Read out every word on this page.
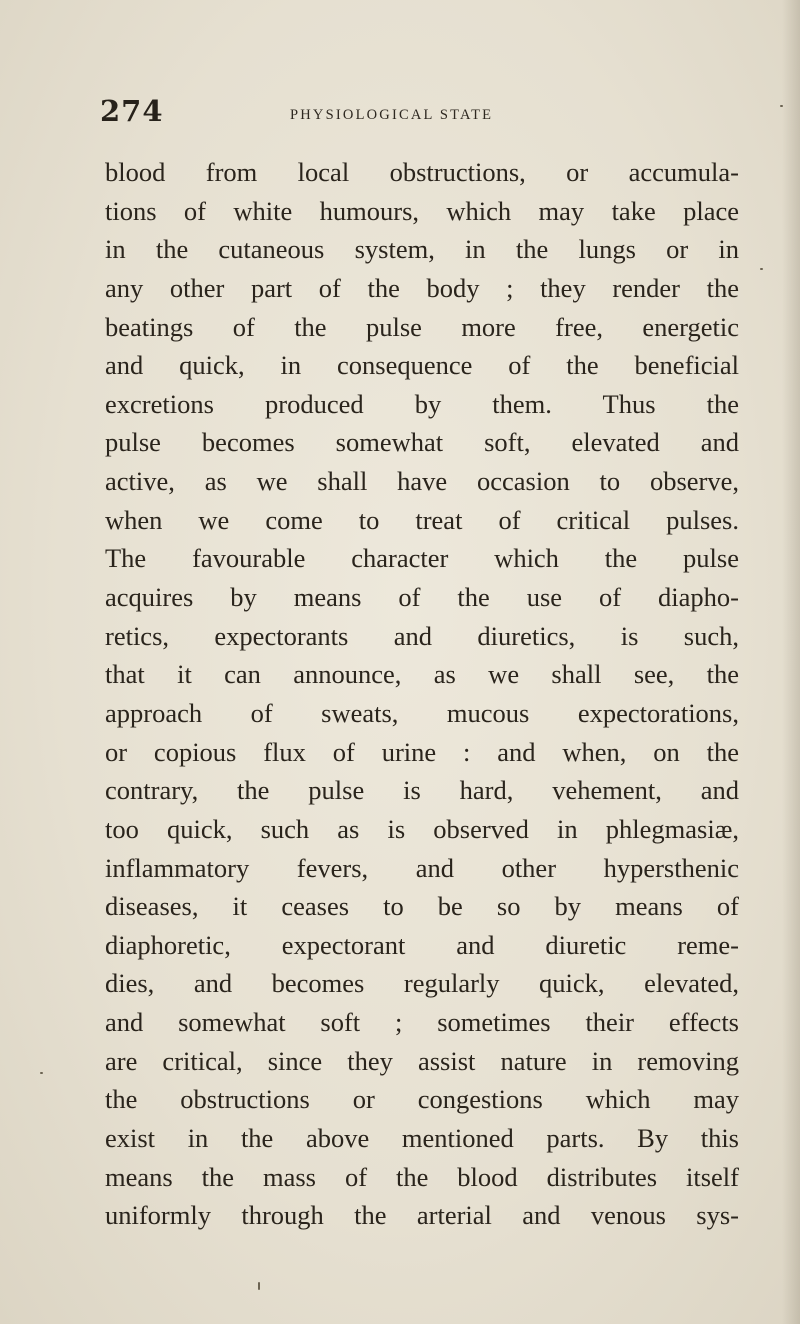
274	PHYSIOLOGICAL STATE
blood from local obstructions, or accumula-
tions of white humours, which may take place
in the cutaneous system, in the lungs or in
any other part of the body ; they render the
beatings of the pulse more free, energetic
and quick, in consequence of the beneficial
excretions produced by them. Thus the
pulse becomes somewhat soft, elevated and
active, as we shall have occasion to observe,
when we come to treat of critical pulses.
The favourable character which the pulse
acquires by means of the use of diapho-
retics, expectorants and diuretics, is such,
that it can announce, as we shall see, the
approach of sweats, mucous expectorations,
or copious flux of urine : and when, on the
contrary, the pulse is hard, vehement, and
too quick, such as is observed in phlegmasiæ,
inflammatory fevers, and other hypersthenic
diseases, it ceases to be so by means of
diaphoretic, expectorant and diuretic reme-
dies, and becomes regularly quick, elevated,
and somewhat soft ; sometimes their effects
are critical, since they assist nature in removing
the obstructions or congestions which may
exist in the above mentioned parts. By this
means the mass of the blood distributes itself
uniformly through the arterial and venous sys-
